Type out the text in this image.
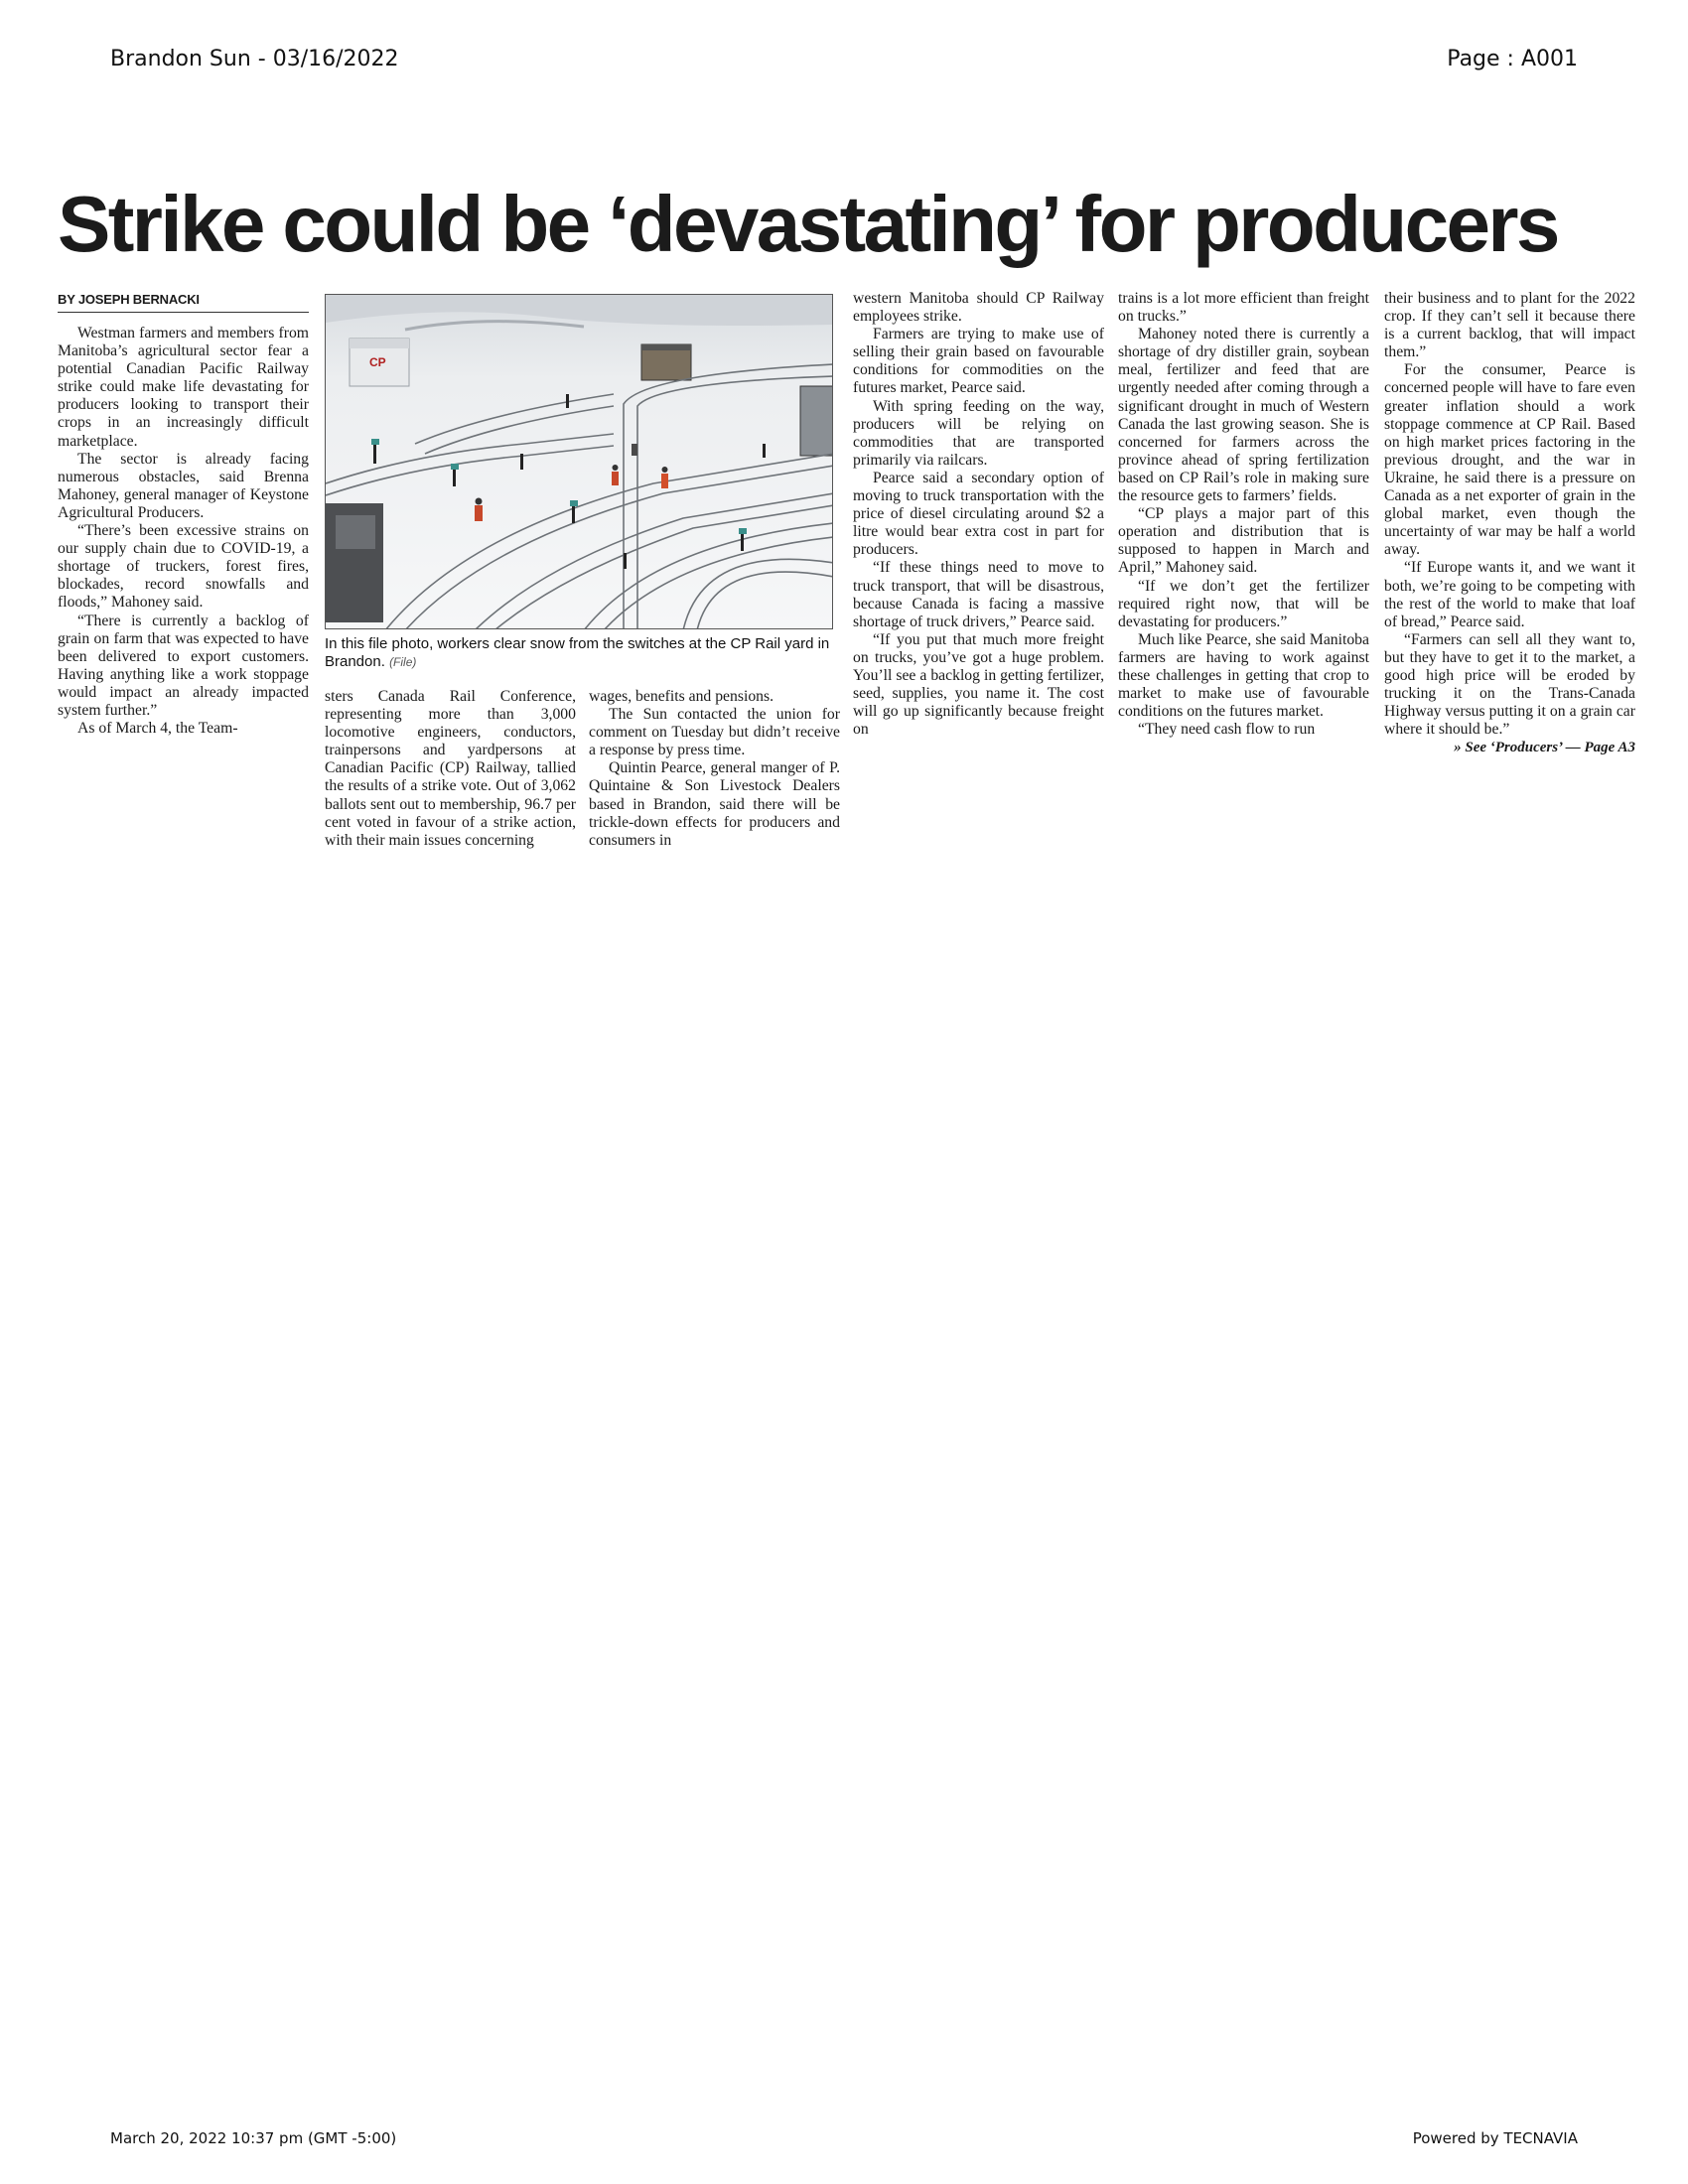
Brandon Sun - 03/16/2022	Page : A001
Strike could be ‘devastating’ for producers
BY JOSEPH BERNACKI

Westman farmers and members from Manitoba’s agricultural sector fear a potential Canadian Pacific Railway strike could make life devastating for producers looking to transport their crops in an increasingly difficult marketplace.

The sector is already facing numerous obstacles, said Brenna Mahoney, general manager of Keystone Agricultural Producers.

“There’s been excessive strains on our supply chain due to COVID-19, a shortage of truckers, forest fires, blockades, record snowfalls and floods,” Mahoney said.

“There is currently a backlog of grain on farm that was expected to have been delivered to export customers. Having anything like a work stoppage would impact an already impacted system further.”

As of March 4, the Team-

CP
In this file photo, workers clear snow from the switches at the CP Rail yard in Brandon. (File)

sters Canada Rail Conference, representing more than 3,000 locomotive engineers, conductors, trainpersons and yardpersons at Canadian Pacific (CP) Railway, tallied the results of a strike vote. Out of 3,062 ballots sent out to membership, 96.7 per cent voted in favour of a strike action, with their main issues concerning

wages, benefits and pensions.

The Sun contacted the union for comment on Tuesday but didn’t receive a response by press time.

Quintin Pearce, general manger of P. Quintaine & Son Livestock Dealers based in Brandon, said there will be trickle-down effects for producers and consumers in

western Manitoba should CP Railway employees strike.

Farmers are trying to make use of selling their grain based on favourable conditions for commodities on the futures market, Pearce said.

With spring feeding on the way, producers will be relying on commodities that are transported primarily via railcars.

Pearce said a secondary option of moving to truck transportation with the price of diesel circulating around $2 a litre would bear extra cost in part for producers.

“If these things need to move to truck transport, that will be disastrous, because Canada is facing a massive shortage of truck drivers,” Pearce said.

“If you put that much more freight on trucks, you’ve got a huge problem. You’ll see a backlog in getting fertilizer, seed, supplies, you name it. The cost will go up significantly because freight on

trains is a lot more efficient than freight on trucks.”

Mahoney noted there is currently a shortage of dry distiller grain, soybean meal, fertilizer and feed that are urgently needed after coming through a significant drought in much of Western Canada the last growing season. She is concerned for farmers across the province ahead of spring fertilization based on CP Rail’s role in making sure the resource gets to farmers’ fields.

“CP plays a major part of this operation and distribution that is supposed to happen in March and April,” Mahoney said.

“If we don’t get the fertilizer required right now, that will be devastating for producers.”

Much like Pearce, she said Manitoba farmers are having to work against these challenges in getting that crop to market to make use of favourable conditions on the futures market.

“They need cash flow to run

their business and to plant for the 2022 crop. If they can’t sell it because there is a current backlog, that will impact them.”

For the consumer, Pearce is concerned people will have to fare even greater inflation should a work stoppage commence at CP Rail. Based on high market prices factoring in the previous drought, and the war in Ukraine, he said there is a pressure on Canada as a net exporter of grain in the global market, even though the uncertainty of war may be half a world away.

“If Europe wants it, and we want it both, we’re going to be competing with the rest of the world to make that loaf of bread,” Pearce said.

“Farmers can sell all they want to, but they have to get it to the market, a good high price will be eroded by trucking it on the Trans-Canada Highway versus putting it on a grain car where it should be.”

» See ‘Producers’ — Page A3

March 20, 2022 10:37 pm (GMT -5:00)	Powered by TECNAVIA
